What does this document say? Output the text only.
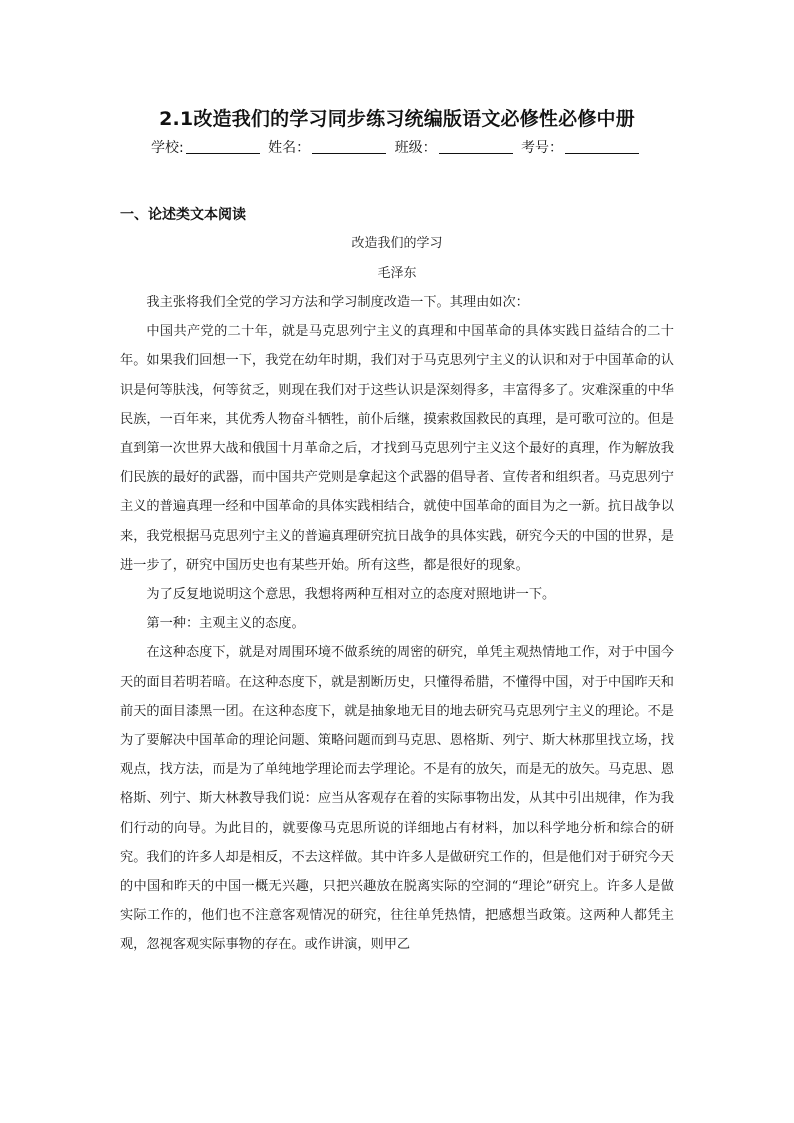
2.1改造我们的学习同步练习统编版语文必修性必修中册
学校:	姓名：	班级：	考号：
一、论述类文本阅读
改造我们的学习
毛泽东

我主张将我们全党的学习方法和学习制度改造一下。其理由如次：

中国共产党的二十年，就是马克思列宁主义的真理和中国革命的具体实践日益结合的二十年。如果我们回想一下，我党在幼年时期，我们对于马克思列宁主义的认识和对于中国革命的认识是何等肤浅，何等贫乏，则现在我们对于这些认识是深刻得多，丰富得多了。灾难深重的中华民族，一百年来，其优秀人物奋斗牺牲，前仆后继，摸索救国救民的真理，是可歌可泣的。但是直到第一次世界大战和俄国十月革命之后，才找到马克思列宁主义这个最好的真理，作为解放我们民族的最好的武器，而中国共产党则是拿起这个武器的倡导者、宣传者和组织者。马克思列宁主义的普遍真理一经和中国革命的具体实践相结合，就使中国革命的面目为之一新。抗日战争以来，我党根据马克思列宁主义的普遍真理研究抗日战争的具体实践，研究今天的中国的世界，是进一步了，研究中国历史也有某些开始。所有这些，都是很好的现象。

为了反复地说明这个意思，我想将两种互相对立的态度对照地讲一下。

第一种：主观主义的态度。

在这种态度下，就是对周围环境不做系统的周密的研究，单凭主观热情地工作，对于中国今天的面目若明若暗。在这种态度下，就是割断历史，只懂得希腊，不懂得中国，对于中国昨天和前天的面目漆黑一团。在这种态度下，就是抽象地无目的地去研究马克思列宁主义的理论。不是为了要解决中国革命的理论问题、策略问题而到马克思、恩格斯、列宁、斯大林那里找立场，找观点，找方法，而是为了单纯地学理论而去学理论。不是有的放矢，而是无的放矢。马克思、恩格斯、列宁、斯大林教导我们说：应当从客观存在着的实际事物出发，从其中引出规律，作为我们行动的向导。为此目的，就要像马克思所说的详细地占有材料，加以科学地分析和综合的研究。我们的许多人却是相反，不去这样做。其中许多人是做研究工作的，但是他们对于研究今天的中国和昨天的中国一概无兴趣，只把兴趣放在脱离实际的空洞的“理论”研究上。许多人是做实际工作的，他们也不注意客观情况的研究，往往单凭热情，把感想当政策。这两种人都凭主观，忽视客观实际事物的存在。或作讲演，则甲乙
